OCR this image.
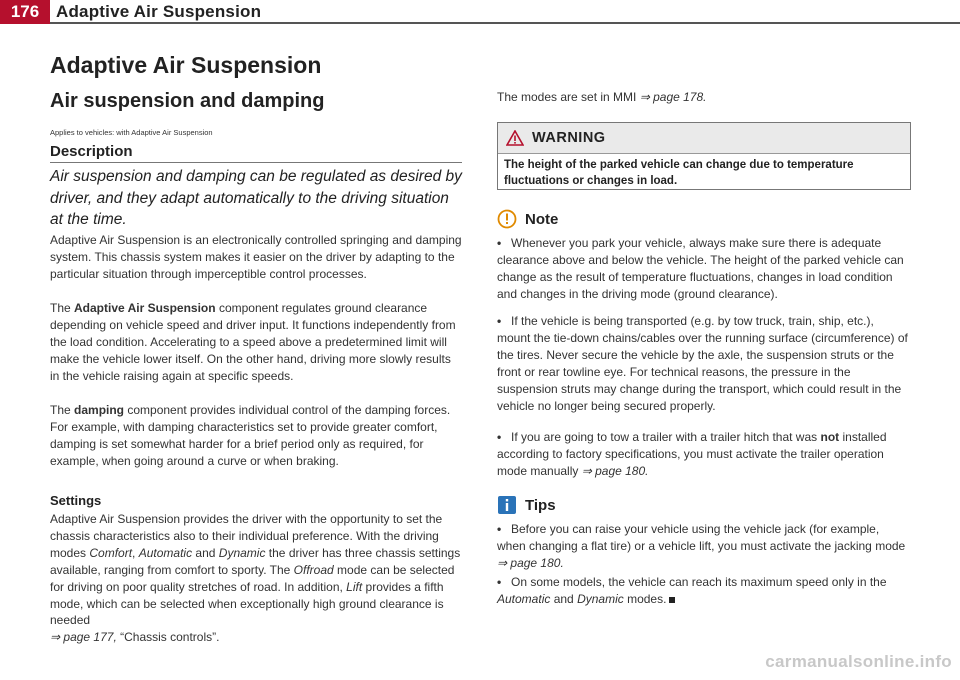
176 Adaptive Air Suspension
Adaptive Air Suspension
Air suspension and damping
Applies to vehicles: with Adaptive Air Suspension
Description
Air suspension and damping can be regulated as desired by driver, and they adapt automatically to the driving situation at the time.

Adaptive Air Suspension is an electronically controlled springing and damping system. This chassis system makes it easier on the driver by adapting to the particular situation through imperceptible control processes.

The Adaptive Air Suspension component regulates ground clearance depending on vehicle speed and driver input. It functions independently from the load condition. Accelerating to a speed above a predetermined limit will make the vehicle lower itself. On the other hand, driving more slowly results in the vehicle raising again at specific speeds.

The damping component provides individual control of the damping forces. For example, with damping characteristics set to provide greater comfort, damping is set somewhat harder for a brief period only as required, for example, when going around a curve or when braking.

Settings

Adaptive Air Suspension provides the driver with the opportunity to set the chassis characteristics also to their individual preference. With the driving modes Comfort, Automatic and Dynamic the driver has three chassis settings available, ranging from comfort to sporty. The Offroad mode can be selected for driving on poor quality stretches of road. In addition, Lift provides a fifth mode, which can be selected when exceptionally high ground clearance is needed
⇒ page 177, “Chassis controls”.

The modes are set in MMI ⇒ page 178.
WARNING
The height of the parked vehicle can change due to temperature fluctuations or changes in load.
Note

• Whenever you park your vehicle, always make sure there is adequate clearance above and below the vehicle. The height of the parked vehicle can change as the result of temperature fluctuations, changes in load condition and changes in the driving mode (ground clearance).

• If the vehicle is being transported (e.g. by tow truck, train, ship, etc.), mount the tie-down chains/cables over the running surface (circumference) of the tires. Never secure the vehicle by the axle, the suspension struts or the front or rear towline eye. For technical reasons, the pressure in the suspension struts may change during the transport, which could result in the vehicle no longer being secured properly.

• If you are going to tow a trailer with a trailer hitch that was not installed according to factory specifications, you must activate the trailer operation mode manually ⇒ page 180.

Tips

• Before you can raise your vehicle using the vehicle jack (for example, when changing a flat tire) or a vehicle lift, you must activate the jacking mode ⇒ page 180.

• On some models, the vehicle can reach its maximum speed only in the Automatic and Dynamic modes.

carmanualsonline.info
